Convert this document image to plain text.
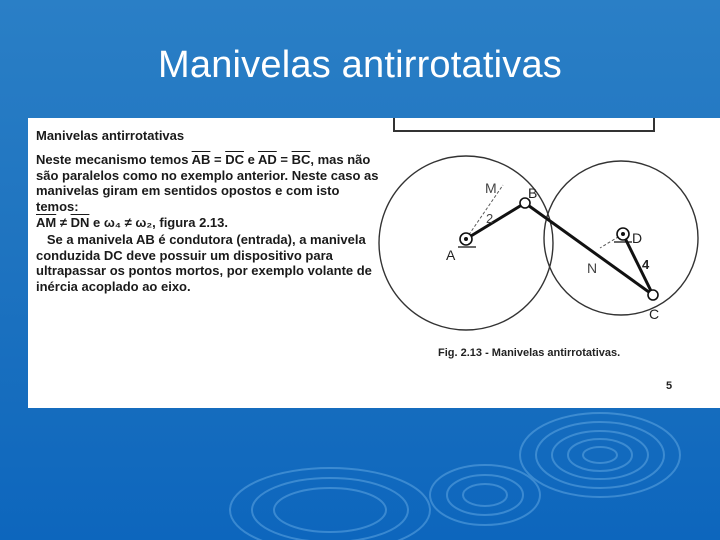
Manivelas antirrotativas
Manivelas antirrotativas
Neste mecanismo temos $\overline{AB} = \overline{DC}$ e $\overline{AD} = \overline{BC}$, mas não são paralelos como no exemplo anterior. Neste caso as manivelas giram em sentidos opostos e com isto temos:
$\overline{AM} \ne \overline{DN}$ e ω₄ ≠ ω₂, figura 2.13.
Se a manivela AB é condutora (entrada), a manivela conduzida DC deve possuir um dispositivo para ultrapassar os pontos mortos, por exemplo volante de inércia acoplado ao eixo.
A
B
C
D
M
N
2
4
Fig. 2.13 - Manivelas antirrotativas.
5
